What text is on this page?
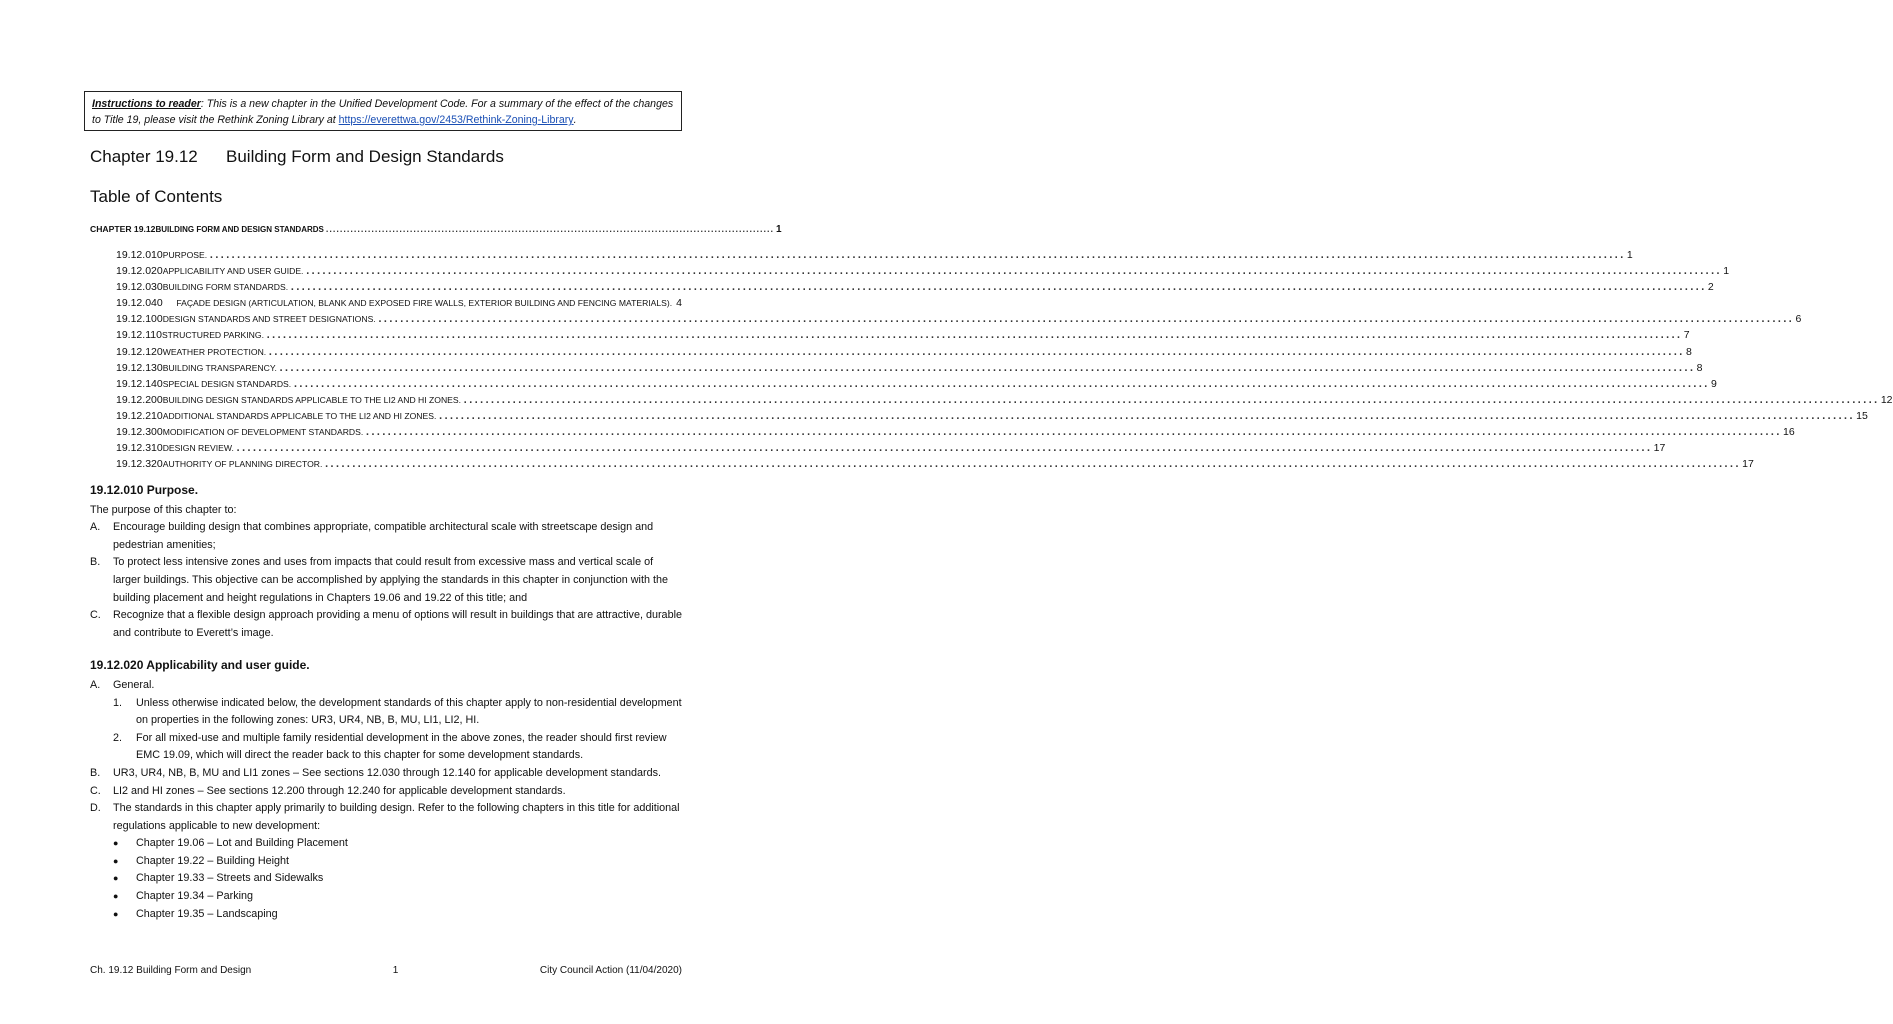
Instructions to reader: This is a new chapter in the Unified Development Code. For a summary of the effect of the changes to Title 19, please visit the Rethink Zoning Library at https://everettwa.gov/2453/Rethink-Zoning-Library.
Chapter 19.12 Building Form and Design Standards
Table of Contents
CHAPTER 19.12 BUILDING FORM AND DESIGN STANDARDS ................................................................................................................................ 1
19.12.010 PURPOSE. .................................................................................................................................................................................................................................................................... 1
19.12.020 APPLICABILITY AND USER GUIDE. .................................................................................................................................................................................................................................................................... 1
19.12.030 BUILDING FORM STANDARDS. .................................................................................................................................................................................................................................................................... 2
19.12.040	FAÇADE DESIGN (ARTICULATION, BLANK AND EXPOSED FIRE WALLS, EXTERIOR BUILDING AND FENCING MATERIALS). 4
19.12.100 DESIGN STANDARDS AND STREET DESIGNATIONS. .................................................................................................................................................................................................................................................................... 6
19.12.110 STRUCTURED PARKING. .................................................................................................................................................................................................................................................................... 7
19.12.120 WEATHER PROTECTION. .................................................................................................................................................................................................................................................................... 8
19.12.130 BUILDING TRANSPARENCY. .................................................................................................................................................................................................................................................................... 8
19.12.140 SPECIAL DESIGN STANDARDS. .................................................................................................................................................................................................................................................................... 9
19.12.200 BUILDING DESIGN STANDARDS APPLICABLE TO THE LI2 AND HI ZONES. .................................................................................................................................................................................................................................................................... 12
19.12.210 ADDITIONAL STANDARDS APPLICABLE TO THE LI2 AND HI ZONES. .................................................................................................................................................................................................................................................................... 15
19.12.300 MODIFICATION OF DEVELOPMENT STANDARDS. .................................................................................................................................................................................................................................................................... 16
19.12.310 DESIGN REVIEW. .................................................................................................................................................................................................................................................................... 17
19.12.320 AUTHORITY OF PLANNING DIRECTOR. .................................................................................................................................................................................................................................................................... 17
19.12.010 Purpose.
The purpose of this chapter to:
A.	Encourage building design that combines appropriate, compatible architectural scale with streetscape design and pedestrian amenities;
B.	To protect less intensive zones and uses from impacts that could result from excessive mass and vertical scale of larger buildings. This objective can be accomplished by applying the standards in this chapter in conjunction with the building placement and height regulations in Chapters 19.06 and 19.22 of this title; and
C.	Recognize that a flexible design approach providing a menu of options will result in buildings that are attractive, durable and contribute to Everett’s image.
19.12.020 Applicability and user guide.
A.	General.
1.	Unless otherwise indicated below, the development standards of this chapter apply to non-residential development on properties in the following zones: UR3, UR4, NB, B, MU, LI1, LI2, HI.
2.	For all mixed-use and multiple family residential development in the above zones, the reader should first review EMC 19.09, which will direct the reader back to this chapter for some development standards.
B.	UR3, UR4, NB, B, MU and LI1 zones – See sections 12.030 through 12.140 for applicable development standards.
C.	LI2 and HI zones – See sections 12.200 through 12.240 for applicable development standards.
D.	The standards in this chapter apply primarily to building design. Refer to the following chapters in this title for additional regulations applicable to new development:
●	Chapter 19.06 – Lot and Building Placement
●	Chapter 19.22 – Building Height
●	Chapter 19.33 – Streets and Sidewalks
●	Chapter 19.34 – Parking
●	Chapter 19.35 – Landscaping
Ch. 19.12 Building Form and Design	1	City Council Action (11/04/2020)
